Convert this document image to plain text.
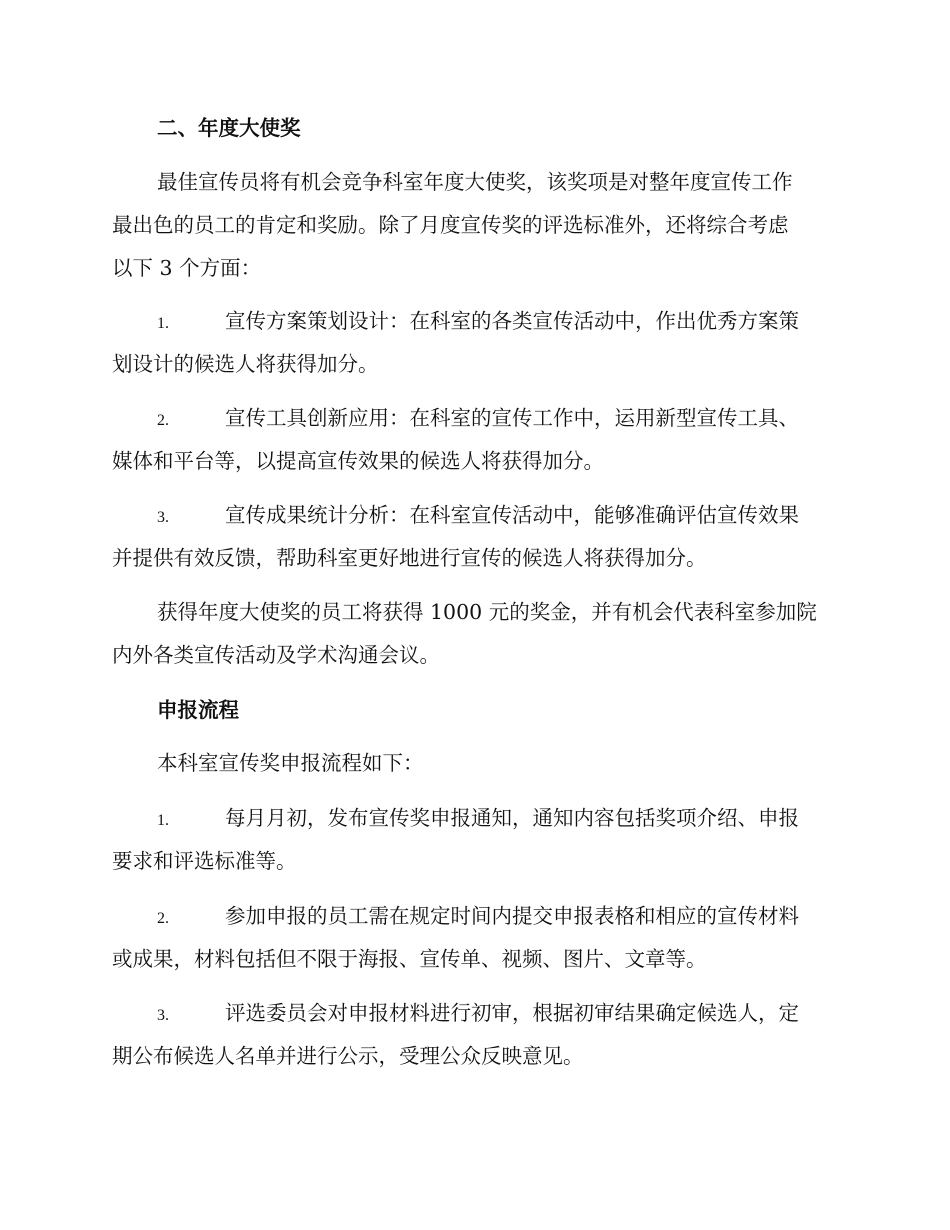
二、年度大使奖
最佳宣传员将有机会竞争科室年度大使奖，该奖项是对整年度宣传工作
最出色的员工的肯定和奖励。除了月度宣传奖的评选标准外，还将综合考虑
以下 3 个方面：
1.	宣传方案策划设计：在科室的各类宣传活动中，作出优秀方案策
划设计的候选人将获得加分。
2.	宣传工具创新应用：在科室的宣传工作中，运用新型宣传工具、
媒体和平台等，以提高宣传效果的候选人将获得加分。
3.	宣传成果统计分析：在科室宣传活动中，能够准确评估宣传效果
并提供有效反馈，帮助科室更好地进行宣传的候选人将获得加分。
获得年度大使奖的员工将获得 1000 元的奖金，并有机会代表科室参加院
内外各类宣传活动及学术沟通会议。
申报流程
本科室宣传奖申报流程如下：
1.	每月月初，发布宣传奖申报通知，通知内容包括奖项介绍、申报
要求和评选标准等。
2.	参加申报的员工需在规定时间内提交申报表格和相应的宣传材料
或成果，材料包括但不限于海报、宣传单、视频、图片、文章等。
3.	评选委员会对申报材料进行初审，根据初审结果确定候选人，定
期公布候选人名单并进行公示，受理公众反映意见。
